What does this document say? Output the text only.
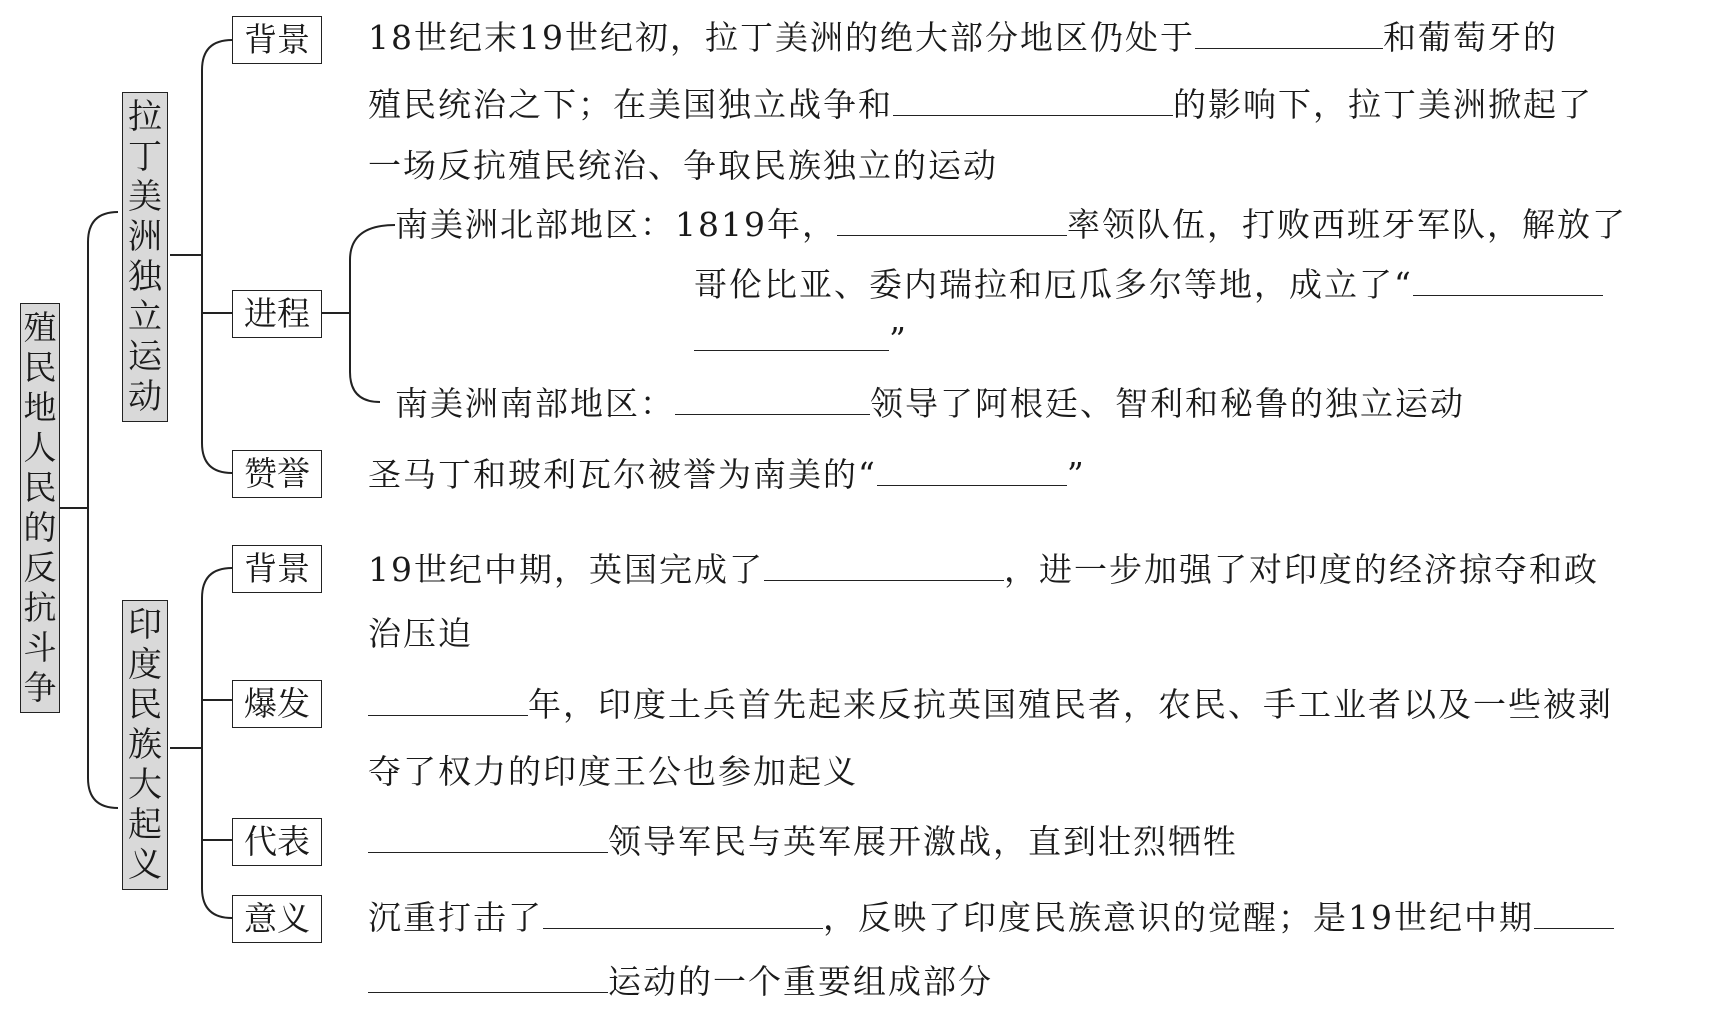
殖
民
地
人
民
的
反
抗
斗
争
拉
丁
美
洲
独
立
运
动
印
度
民
族
大
起
义
背景
进程
赞誉
背景
爆发
代表
意义
18世纪末19世纪初，拉丁美洲的绝大部分地区仍处于	和葡萄牙的
殖民统治之下；在美国独立战争和	的影响下，拉丁美洲掀起了
一场反抗殖民统治、争取民族独立的运动
南美洲北部地区：1819年，	率领队伍，打败西班牙军队，解放了
哥伦比亚、委内瑞拉和厄瓜多尔等地，成立了“
”
南美洲南部地区：	领导了阿根廷、智利和秘鲁的独立运动
圣马丁和玻利瓦尔被誉为南美的“	”
19世纪中期，英国完成了	，进一步加强了对印度的经济掠夺和政
治压迫
年，印度土兵首先起来反抗英国殖民者，农民、手工业者以及一些被剥
夺了权力的印度王公也参加起义
领导军民与英军展开激战，直到壮烈牺牲
沉重打击了	，反映了印度民族意识的觉醒；是19世纪中期
运动的一个重要组成部分
